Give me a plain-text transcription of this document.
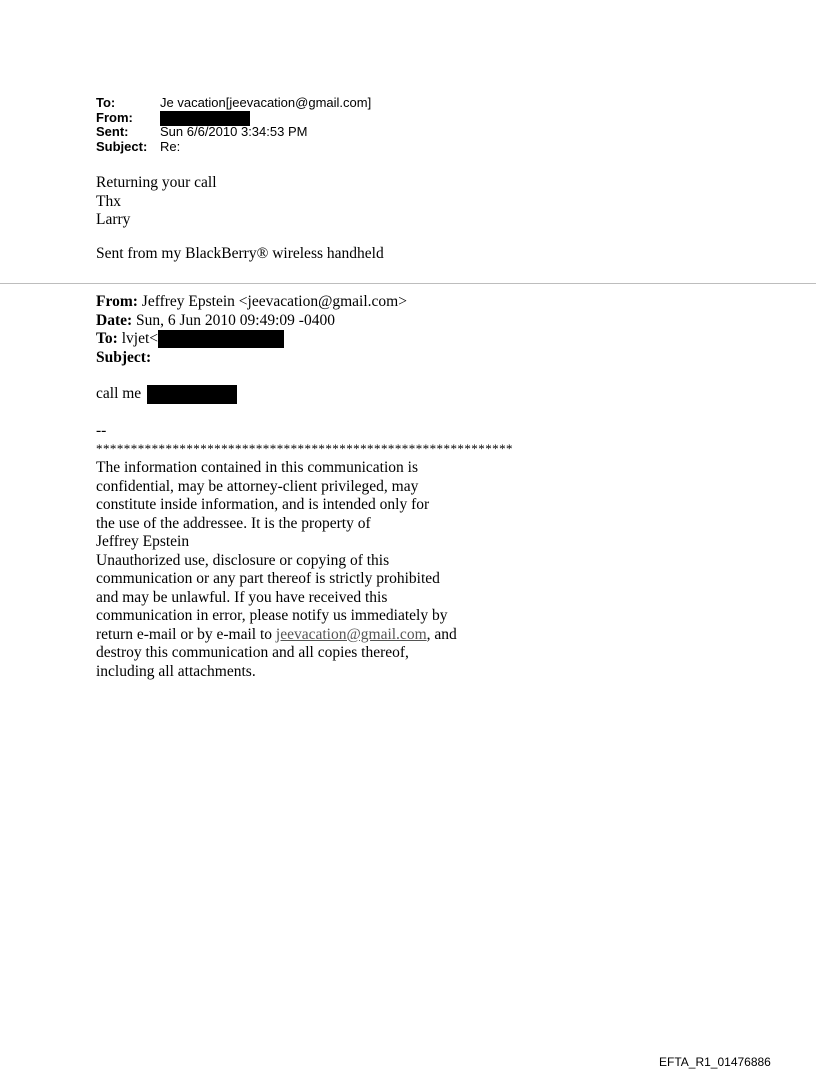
To:	Je vacation[jeevacation@gmail.com]
From:
Sent:	Sun 6/6/2010 3:34:53 PM
Subject: Re:
Returning your call
Thx
Larry
Sent from my BlackBerry® wireless handheld
From: Jeffrey Epstein <jeevacation@gmail.com>
Date: Sun, 6 Jun 2010 09:49:09 -0400
To: lvjet<
Subject:
call me
--
************************************************************
The information contained in this communication is
confidential, may be attorney-client privileged, may
constitute inside information, and is intended only for
the use of the addressee. It is the property of
Jeffrey Epstein
Unauthorized use, disclosure or copying of this
communication or any part thereof is strictly prohibited
and may be unlawful. If you have received this
communication in error, please notify us immediately by
return e-mail or by e-mail to jeevacation@gmail.com, and
destroy this communication and all copies thereof,
including all attachments.
EFTA_R1_01476886
